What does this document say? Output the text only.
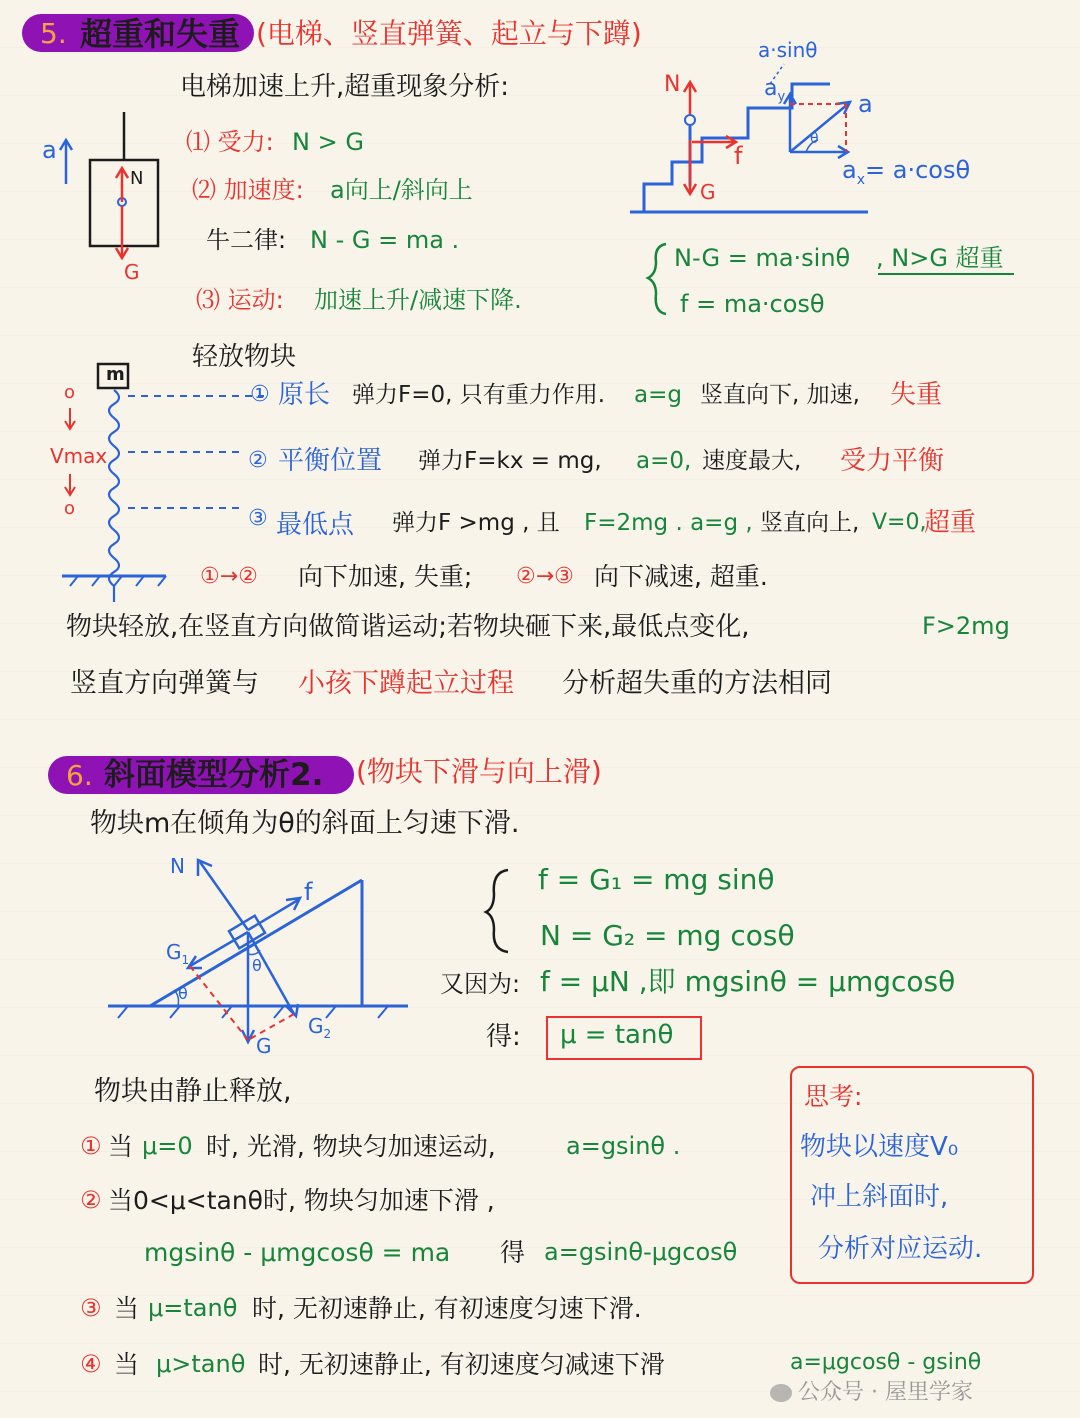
5. 超重和失重 (电梯、竖直弹簧、起立与下蹲)
电梯加速上升,超重现象分析:
⑴ 受力: N > G
⑵ 加速度: a向上/斜向上
牛二律: N - G = ma .
⑶ 运动: 加速上升/减速下降.
a
N
G
a·sinθ
$a_y$	a
θ
N
f
G
$a_x= a\cdot\cos\theta$
N-G = ma·sinθ , N>G 超重
f = ma·cosθ
轻放物块
m
o
Vmax
o
① 原长 弹力F=0, 只有重力作用. a=g 竖直向下, 加速, 失重
② 平衡位置 弹力F=kx = mg, a=0, 速度最大, 受力平衡
③ 最低点 弹力F >mg , 且 F=2mg . a=g , 竖直向上, V=0,
超重
①→② 向下加速, 失重; ②→③ 向下减速, 超重.
物块轻放,在竖直方向做简谐运动;若物块砸下来,最低点变化,	F>2mg
竖直方向弹簧与 小孩下蹲起立过程 分析超失重的方法相同
6. 斜面模型分析2. (物块下滑与向上滑)
物块m在倾角为θ的斜面上匀速下滑.
N
f
$G_1$
$G_2$
G
θ
θ
f = G₁ = mg sinθ
N = G₂ = mg cosθ
又因为: f = μN ,即 mgsinθ = μmgcosθ
得: μ = tanθ
物块由静止释放,
① 当 μ=0 时, 光滑, 物块匀加速运动,	a=gsinθ .
② 当0<μ<tanθ时, 物块匀加速下滑 ,
mgsinθ - μmgcosθ = ma 得 a=gsinθ-μgcosθ
③ 当 μ=tanθ 时, 无初速静止, 有初速度匀速下滑.
④ 当 μ>tanθ 时, 无初速静止, 有初速度匀减速下滑	a=μgcosθ - gsinθ
思考:
物块以速度V₀
冲上斜面时,
分析对应运动.
公众号 · 屋里学家
